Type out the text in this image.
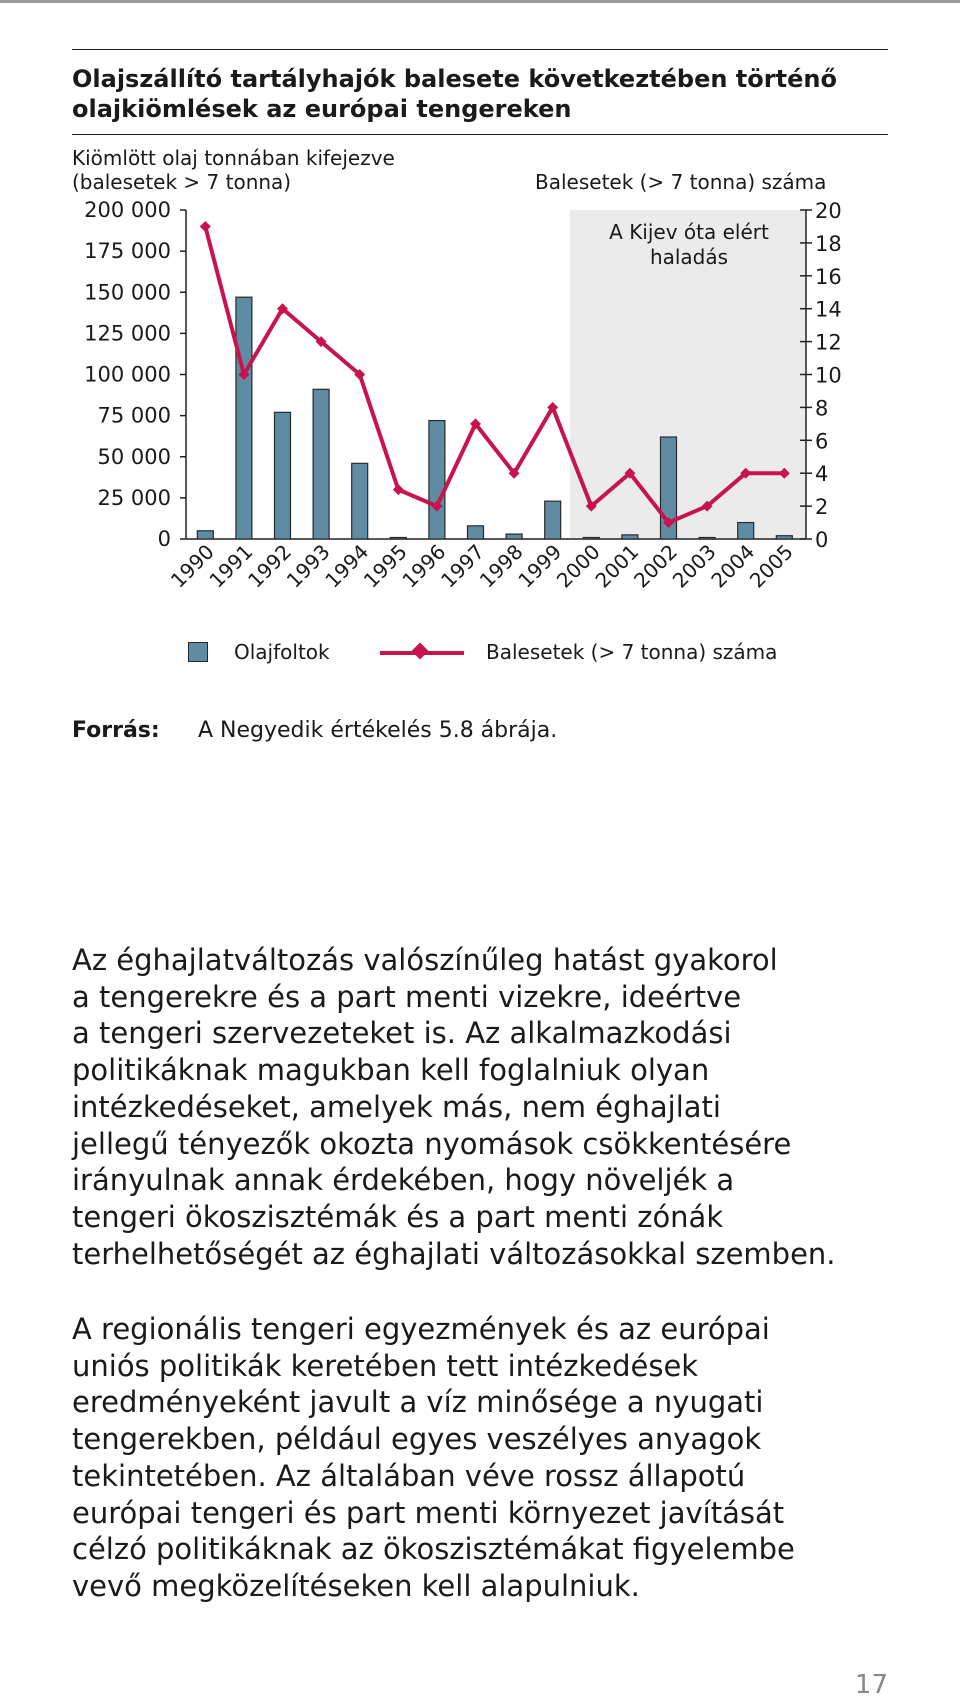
Olajszállító tartályhajók balesete következtében történő olajkiömlések az európai tengereken
Kiömlött olaj tonnában kifejezve
(balesetek > 7 tonna)	Balesetek (> 7 tonna) száma
A Kijev óta elért
haladás
0
25 000
50 000
75 000
100 000
125 000
150 000
175 000
200 000
0
2
4
6
8
10
12
14
16
18
20
1990
1991
1992
1993
1994
1995
1996
1997
1998
1999
2000
2001
2002
2003
2004
2005
Olajfoltok	Balesetek (> 7 tonna) száma
Forrás:	A Negyedik értékelés 5.8 ábrája.
Az éghajlatváltozás valószínűleg hatást gyakorol
a tengerekre és a part menti vizekre, ideértve
a tengeri szervezeteket is. Az alkalmazkodási
politikáknak magukban kell foglalniuk olyan
intézkedéseket, amelyek más, nem éghajlati
jellegű tényezők okozta nyomások csökkentésére
irányulnak annak érdekében, hogy növeljék a
tengeri ökoszisztémák és a part menti zónák
terhelhetőségét az éghajlati változásokkal szemben.
A regionális tengeri egyezmények és az európai
uniós politikák keretében tett intézkedések
eredményeként javult a víz minősége a nyugati
tengerekben, például egyes veszélyes anyagok
tekintetében. Az általában véve rossz állapotú
európai tengeri és part menti környezet javítását
célzó politikáknak az ökoszisztémákat figyelembe
vevő megközelítéseken kell alapulniuk.
17
